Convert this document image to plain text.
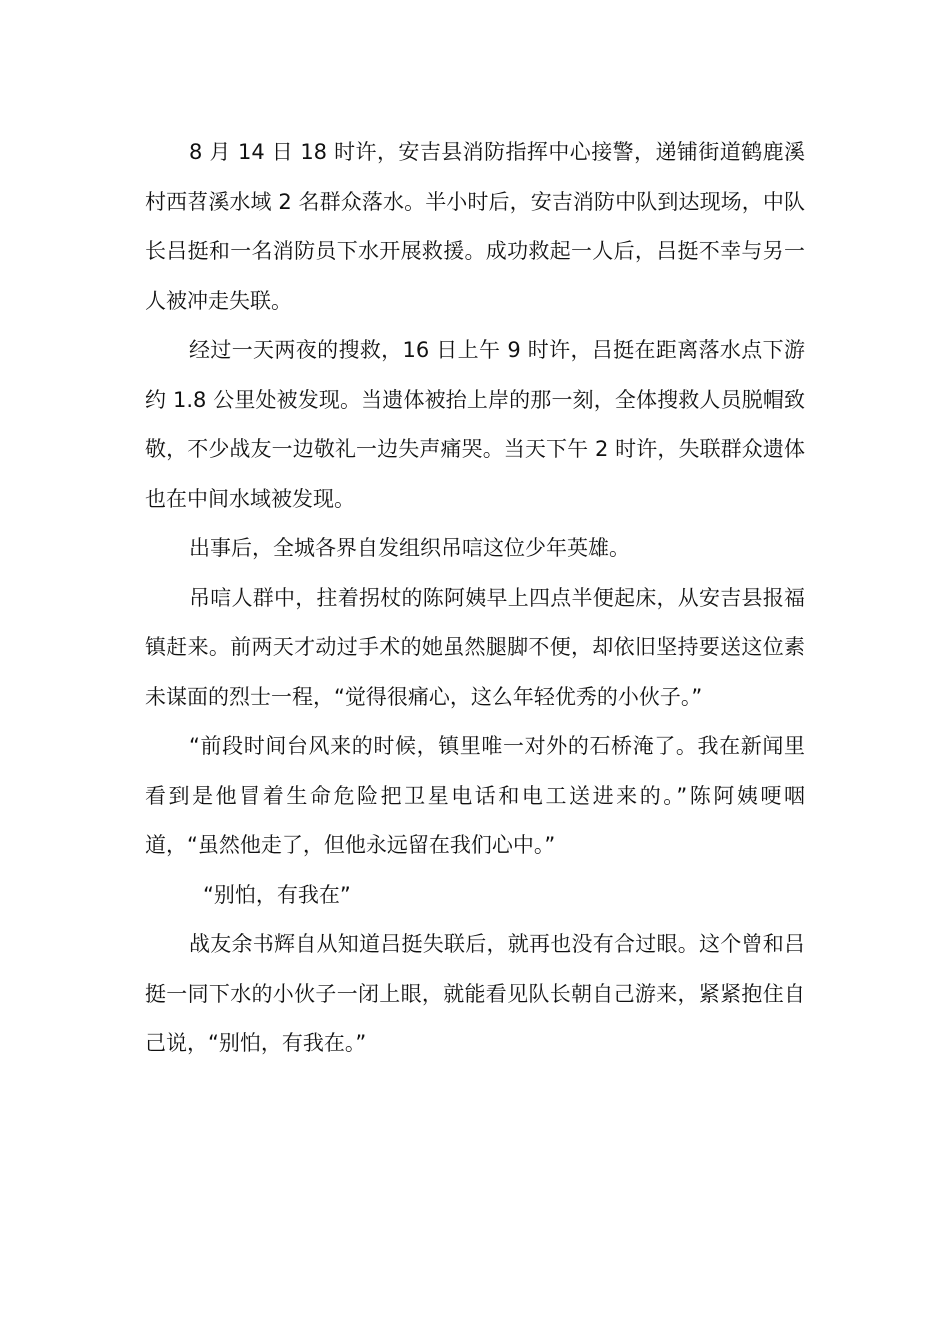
8 月 14 日 18 时许，安吉县消防指挥中心接警，递铺街道鹤鹿溪村西苕溪水域 2 名群众落水。半小时后，安吉消防中队到达现场，中队长吕挺和一名消防员下水开展救援。成功救起一人后，吕挺不幸与另一人被冲走失联。

经过一天两夜的搜救，16 日上午 9 时许，吕挺在距离落水点下游约 1.8 公里处被发现。当遗体被抬上岸的那一刻，全体搜救人员脱帽致敬，不少战友一边敬礼一边失声痛哭。当天下午 2 时许，失联群众遗体也在中间水域被发现。

出事后，全城各界自发组织吊唁这位少年英雄。

吊唁人群中，拄着拐杖的陈阿姨早上四点半便起床，从安吉县报福镇赶来。前两天才动过手术的她虽然腿脚不便，却依旧坚持要送这位素未谋面的烈士一程，“觉得很痛心，这么年轻优秀的小伙子。”

“前段时间台风来的时候，镇里唯一对外的石桥淹了。我在新闻里看到是他冒着生命危险把卫星电话和电工送进来的。”陈阿姨哽咽道，“虽然他走了，但他永远留在我们心中。”

“别怕，有我在”

战友余书辉自从知道吕挺失联后，就再也没有合过眼。这个曾和吕挺一同下水的小伙子一闭上眼，就能看见队长朝自己游来，紧紧抱住自己说，“别怕，有我在。”
